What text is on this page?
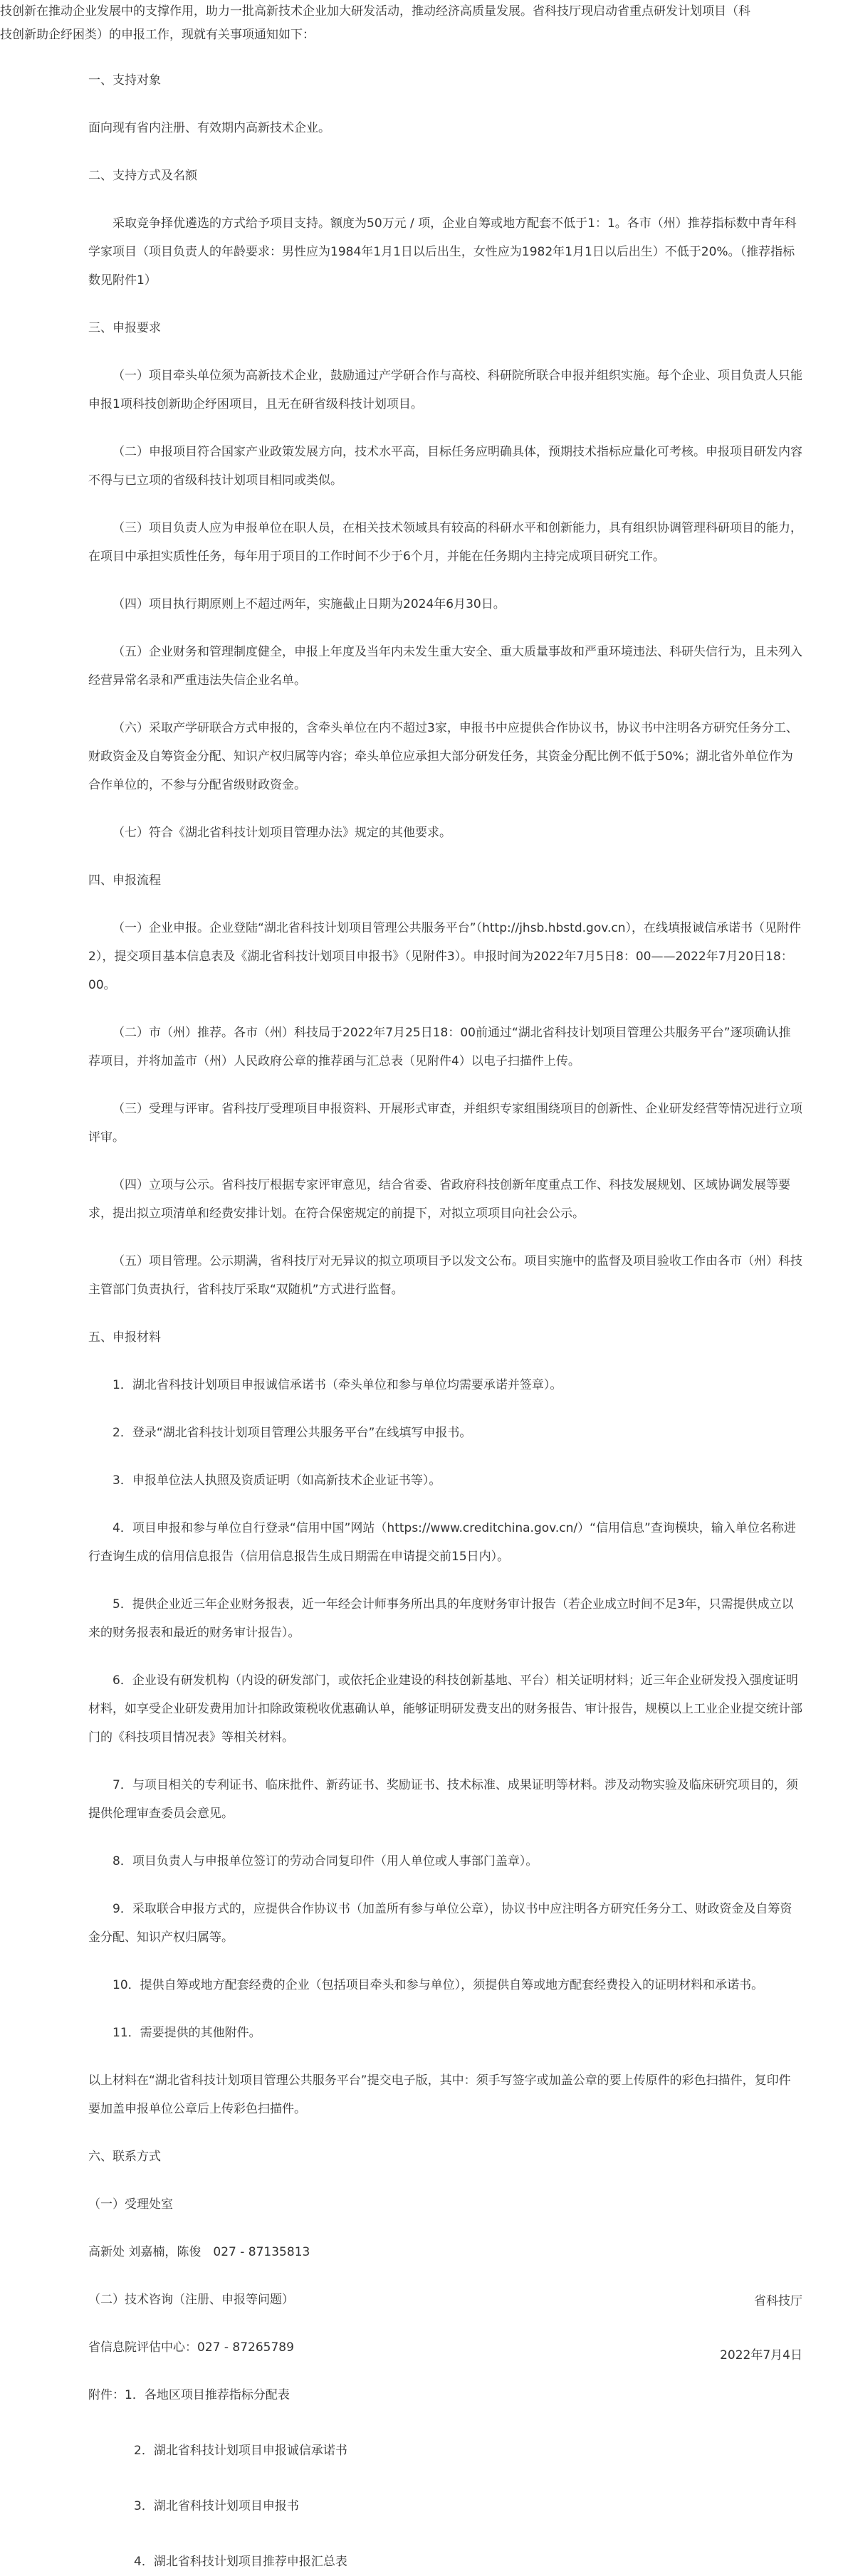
技创新在推动企业发展中的支撑作用，助力一批高新技术企业加大研发活动，推动经济高质量发展。省科技厅现启动省重点研发计划项目（科技创新助企纾困类）的申报工作，现就有关事项通知如下：

一、支持对象

面向现有省内注册、有效期内高新技术企业。

二、支持方式及名额

采取竞争择优遴选的方式给予项目支持。额度为50万元 / 项，企业自筹或地方配套不低于1：1。各市（州）推荐指标数中青年科学家项目（项目负责人的年龄要求：男性应为1984年1月1日以后出生，女性应为1982年1月1日以后出生）不低于20%。（推荐指标数见附件1）

三、申报要求

（一）项目牵头单位须为高新技术企业，鼓励通过产学研合作与高校、科研院所联合申报并组织实施。每个企业、项目负责人只能申报1项科技创新助企纾困项目，且无在研省级科技计划项目。

（二）申报项目符合国家产业政策发展方向，技术水平高，目标任务应明确具体，预期技术指标应量化可考核。申报项目研发内容不得与已立项的省级科技计划项目相同或类似。

（三）项目负责人应为申报单位在职人员，在相关技术领域具有较高的科研水平和创新能力，具有组织协调管理科研项目的能力，在项目中承担实质性任务，每年用于项目的工作时间不少于6个月，并能在任务期内主持完成项目研究工作。

（四）项目执行期原则上不超过两年，实施截止日期为2024年6月30日。

（五）企业财务和管理制度健全，申报上年度及当年内未发生重大安全、重大质量事故和严重环境违法、科研失信行为，且未列入经营异常名录和严重违法失信企业名单。

（六）采取产学研联合方式申报的，含牵头单位在内不超过3家，申报书中应提供合作协议书，协议书中注明各方研究任务分工、财政资金及自筹资金分配、知识产权归属等内容；牵头单位应承担大部分研发任务，其资金分配比例不低于50%；湖北省外单位作为合作单位的，不参与分配省级财政资金。

（七）符合《湖北省科技计划项目管理办法》规定的其他要求。

四、申报流程

（一）企业申报。企业登陆“湖北省科技计划项目管理公共服务平台”（http://jhsb.hbstd.gov.cn），在线填报诚信承诺书（见附件2），提交项目基本信息表及《湖北省科技计划项目申报书》（见附件3）。申报时间为2022年7月5日8：00——2022年7月20日18：00。

（二）市（州）推荐。各市（州）科技局于2022年7月25日18：00前通过“湖北省科技计划项目管理公共服务平台”逐项确认推荐项目，并将加盖市（州）人民政府公章的推荐函与汇总表（见附件4）以电子扫描件上传。

（三）受理与评审。省科技厅受理项目申报资料、开展形式审查，并组织专家组围绕项目的创新性、企业研发经营等情况进行立项评审。

（四）立项与公示。省科技厅根据专家评审意见，结合省委、省政府科技创新年度重点工作、科技发展规划、区域协调发展等要求，提出拟立项清单和经费安排计划。在符合保密规定的前提下，对拟立项项目向社会公示。

（五）项目管理。公示期满，省科技厅对无异议的拟立项项目予以发文公布。项目实施中的监督及项目验收工作由各市（州）科技主管部门负责执行，省科技厅采取“双随机”方式进行监督。

五、申报材料

1．湖北省科技计划项目申报诚信承诺书（牵头单位和参与单位均需要承诺并签章）。

2．登录“湖北省科技计划项目管理公共服务平台”在线填写申报书。

3．申报单位法人执照及资质证明（如高新技术企业证书等）。

4．项目申报和参与单位自行登录“信用中国”网站（https://www.creditchina.gov.cn/）“信用信息”查询模块，输入单位名称进行查询生成的信用信息报告（信用信息报告生成日期需在申请提交前15日内）。

5．提供企业近三年企业财务报表，近一年经会计师事务所出具的年度财务审计报告（若企业成立时间不足3年，只需提供成立以来的财务报表和最近的财务审计报告）。

6．企业设有研发机构（内设的研发部门，或依托企业建设的科技创新基地、平台）相关证明材料；近三年企业研发投入强度证明材料，如享受企业研发费用加计扣除政策税收优惠确认单，能够证明研发费支出的财务报告、审计报告，规模以上工业企业提交统计部门的《科技项目情况表》等相关材料。

7．与项目相关的专利证书、临床批件、新药证书、奖励证书、技术标准、成果证明等材料。涉及动物实验及临床研究项目的，须提供伦理审查委员会意见。

8．项目负责人与申报单位签订的劳动合同复印件（用人单位或人事部门盖章）。

9．采取联合申报方式的，应提供合作协议书（加盖所有参与单位公章），协议书中应注明各方研究任务分工、财政资金及自筹资金分配、知识产权归属等。

10．提供自筹或地方配套经费的企业（包括项目牵头和参与单位），须提供自筹或地方配套经费投入的证明材料和承诺书。

11．需要提供的其他附件。

以上材料在“湖北省科技计划项目管理公共服务平台”提交电子版，其中：须手写签字或加盖公章的要上传原件的彩色扫描件，复印件要加盖申报单位公章后上传彩色扫描件。

六、联系方式

（一）受理处室

高新处 刘嘉楠，陈俊　027 - 87135813

（二）技术咨询（注册、申报等问题）

省信息院评估中心：027 - 87265789

附件：1．各地区项目推荐指标分配表

2．湖北省科技计划项目申报诚信承诺书

3．湖北省科技计划项目申报书

4．湖北省科技计划项目推荐申报汇总表

省科技厅

2022年7月4日
